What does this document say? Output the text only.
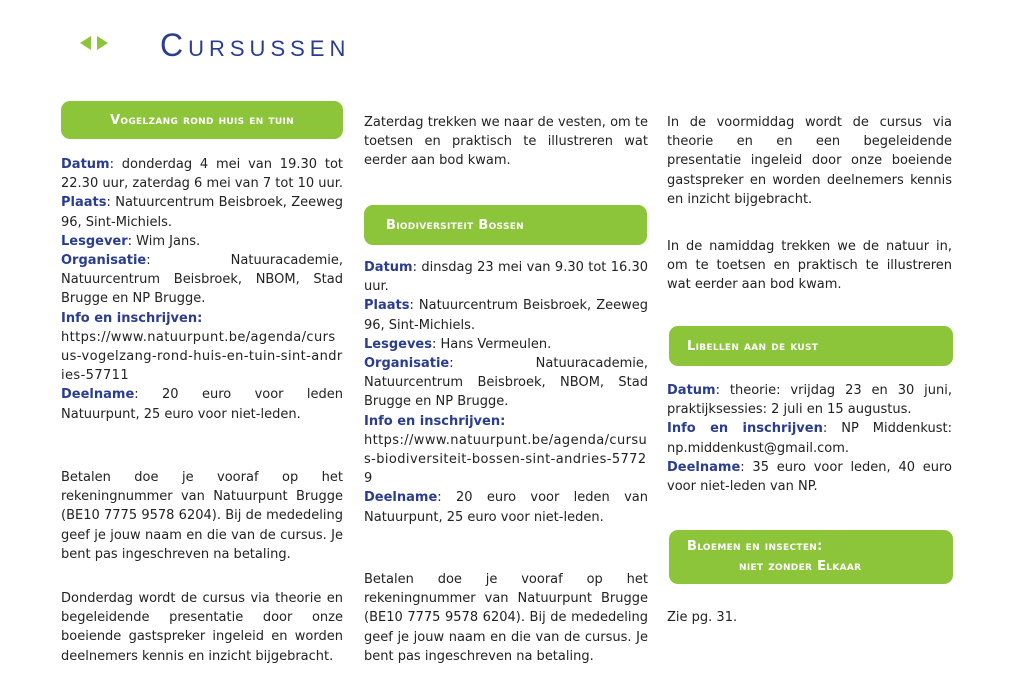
Cursussen
Vogelzang rond huis en tuin

Datum: donderdag 4 mei van 19.30 tot 22.30 uur, zaterdag 6 mei van 7 tot 10 uur.

Plaats: Natuurcentrum Beisbroek, Zeeweg 96, Sint-Michiels.

Lesgever: Wim Jans.

Organisatie: Natuuracademie, Natuurcentrum Beisbroek, NBOM, Stad Brugge en NP Brugge.

Info en inschrijven:

https://www.natuurpunt.be/agenda/cursus-vogelzang-rond-huis-en-tuin-sint-andries-57711

Deelname: 20 euro voor leden Natuurpunt, 25 euro voor niet-leden.

Betalen doe je vooraf op het rekeningnummer van Natuurpunt Brugge (BE10 7775 9578 6204). Bij de mededeling geef je jouw naam en die van de cursus. Je bent pas ingeschreven na betaling.
Donderdag wordt de cursus via theorie en begeleidende presentatie door onze boeiende gastspreker ingeleid en worden deelnemers kennis en inzicht bijgebracht.
Zaterdag trekken we naar de vesten, om te toetsen en praktisch te illustreren wat eerder aan bod kwam.
Biodiversiteit Bossen

Datum: dinsdag 23 mei van 9.30 tot 16.30 uur.

Plaats: Natuurcentrum Beisbroek, Zeeweg 96, Sint-Michiels.

Lesgeves: Hans Vermeulen.

Organisatie: Natuuracademie, Natuurcentrum Beisbroek, NBOM, Stad Brugge en NP Brugge.

Info en inschrijven:

https://www.natuurpunt.be/agenda/cursus-biodiversiteit-bossen-sint-andries-57729

Deelname: 20 euro voor leden van Natuurpunt, 25 euro voor niet-leden.

Betalen doe je vooraf op het rekeningnummer van Natuurpunt Brugge (BE10 7775 9578 6204). Bij de mededeling geef je jouw naam en die van de cursus. Je bent pas ingeschreven na betaling.
In de voormiddag wordt de cursus via theorie en en een begeleidende presentatie ingeleid door onze boeiende gastspreker en worden deelnemers kennis en inzicht bijgebracht.
In de namiddag trekken we de natuur in, om te toetsen en praktisch te illustreren wat eerder aan bod kwam.
Libellen aan de kust

Datum: theorie: vrijdag 23 en 30 juni, praktijksessies: 2 juli en 15 augustus.

Info en inschrijven: NP Middenkust: np.middenkust@gmail.com.

Deelname: 35 euro voor leden, 40 euro voor niet-leden van NP.

Bloemen en insecten:
niet zonder Elkaar
Zie pg. 31.
